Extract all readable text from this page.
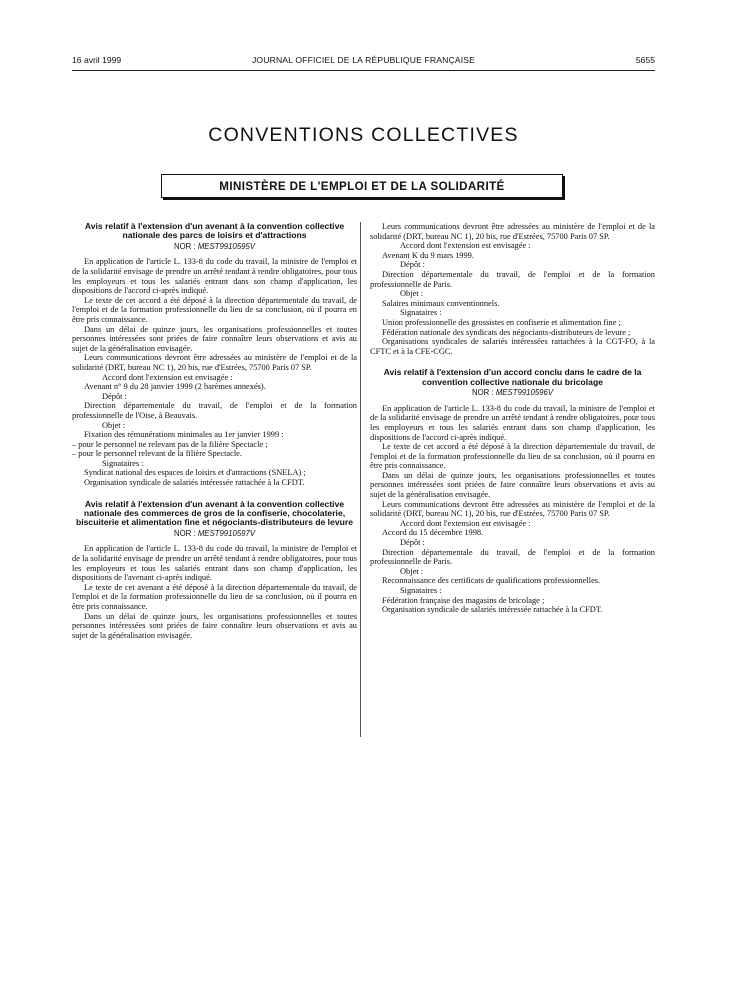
16 avril 1999	JOURNAL OFFICIEL DE LA RÉPUBLIQUE FRANÇAISE	5655
CONVENTIONS COLLECTIVES
MINISTÈRE DE L'EMPLOI ET DE LA SOLIDARITÉ
Avis relatif à l'extension d'un avenant à la convention collective nationale des parcs de loisirs et d'attractions
NOR : MEST9910595V

En application de l'article L. 133-8 du code du travail, la ministre de l'emploi et de la solidarité envisage de prendre un arrêté tendant à rendre obligatoires, pour tous les employeurs et tous les salariés entrant dans son champ d'application, les dispositions de l'accord ci-après indiqué.

Le texte de cet accord a été déposé à la direction départementale du travail, de l'emploi et de la formation professionnelle du lieu de sa conclusion, où il pourra en être pris connaissance.

Dans un délai de quinze jours, les organisations professionnelles et toutes personnes intéressées sont priées de faire connaître leurs observations et avis au sujet de la généralisation envisagée.

Leurs communications devront être adressées au ministère de l'emploi et de la solidarité (DRT, bureau NC 1), 20 bis, rue d'Estrées, 75700 Paris 07 SP.

Accord dont l'extension est envisagée :

Avenant n° 9 du 28 janvier 1999 (2 barèmes annexés).

Dépôt :

Direction départementale du travail, de l'emploi et de la formation professionnelle de l'Oise, à Beauvais.

Objet :

Fixation des rémunérations minimales au 1er janvier 1999 :

– pour le personnel ne relevant pas de la filière Spectacle ;

– pour le personnel relevant de la filière Spectacle.

Signataires :

Syndicat national des espaces de loisirs et d'attractions (SNELA) ;

Organisation syndicale de salariés intéressée rattachée à la CFDT.

Avis relatif à l'extension d'un avenant à la convention collective nationale des commerces de gros de la confiserie, chocolaterie, biscuiterie et alimentation fine et négociants-distributeurs de levure
NOR : MEST9910597V

En application de l'article L. 133-8 du code du travail, la ministre de l'emploi et de la solidarité envisage de prendre un arrêté tendant à rendre obligatoires, pour tous les employeurs et tous les salariés entrant dans son champ d'application, les dispositions de l'avenant ci-après indiqué.

Le texte de cet avenant a été déposé à la direction départementale du travail, de l'emploi et de la formation professionnelle du lieu de sa conclusion, où il pourra en être pris connaissance.

Dans un délai de quinze jours, les organisations professionnelles et toutes personnes intéressées sont priées de faire connaître leurs observations et avis au sujet de la généralisation envisagée.

Leurs communications devront être adressées au ministère de l'emploi et de la solidarité (DRT, bureau NC 1), 20 bis, rue d'Estrées, 75700 Paris 07 SP.

Accord dont l'extension est envisagée :

Avenant K du 9 mars 1999.

Dépôt :

Direction départementale du travail, de l'emploi et de la formation professionnelle de Paris.

Objet :

Salaires minimaux conventionnels.

Signataires :

Union professionnelle des grossistes en confiserie et alimentation fine ;

Fédération nationale des syndicats des négociants-distributeurs de levure ;

Organisations syndicales de salariés intéressées rattachées à la CGT-FO, à la CFTC et à la CFE-CGC.

Avis relatif à l'extension d'un accord conclu dans le cadre de la convention collective nationale du bricolage
NOR : MEST9910596V

En application de l'article L. 133-8 du code du travail, la ministre de l'emploi et de la solidarité envisage de prendre un arrêté tendant à rendre obligatoires, pour tous les employeurs et tous les salariés entrant dans son champ d'application, les dispositions de l'accord ci-après indiqué.

Le texte de cet accord a été déposé à la direction départementale du travail, de l'emploi et de la formation professionnelle du lieu de sa conclusion, où il pourra en être pris connaissance.

Dans un délai de quinze jours, les organisations professionnelles et toutes personnes intéressées sont priées de faire connaître leurs observations et avis au sujet de la généralisation envisagée.

Leurs communications devront être adressées au ministère de l'emploi et de la solidarité (DRT, bureau NC 1), 20 bis, rue d'Estrées, 75700 Paris 07 SP.

Accord dont l'extension est envisagée :

Accord du 15 décembre 1998.

Dépôt :

Direction départementale du travail, de l'emploi et de la formation professionnelle de Paris.

Objet :

Reconnaissance des certificats de qualifications professionnelles.

Signataires :

Fédération française des magasins de bricolage ;

Organisation syndicale de salariés intéressée rattachée à la CFDT.
